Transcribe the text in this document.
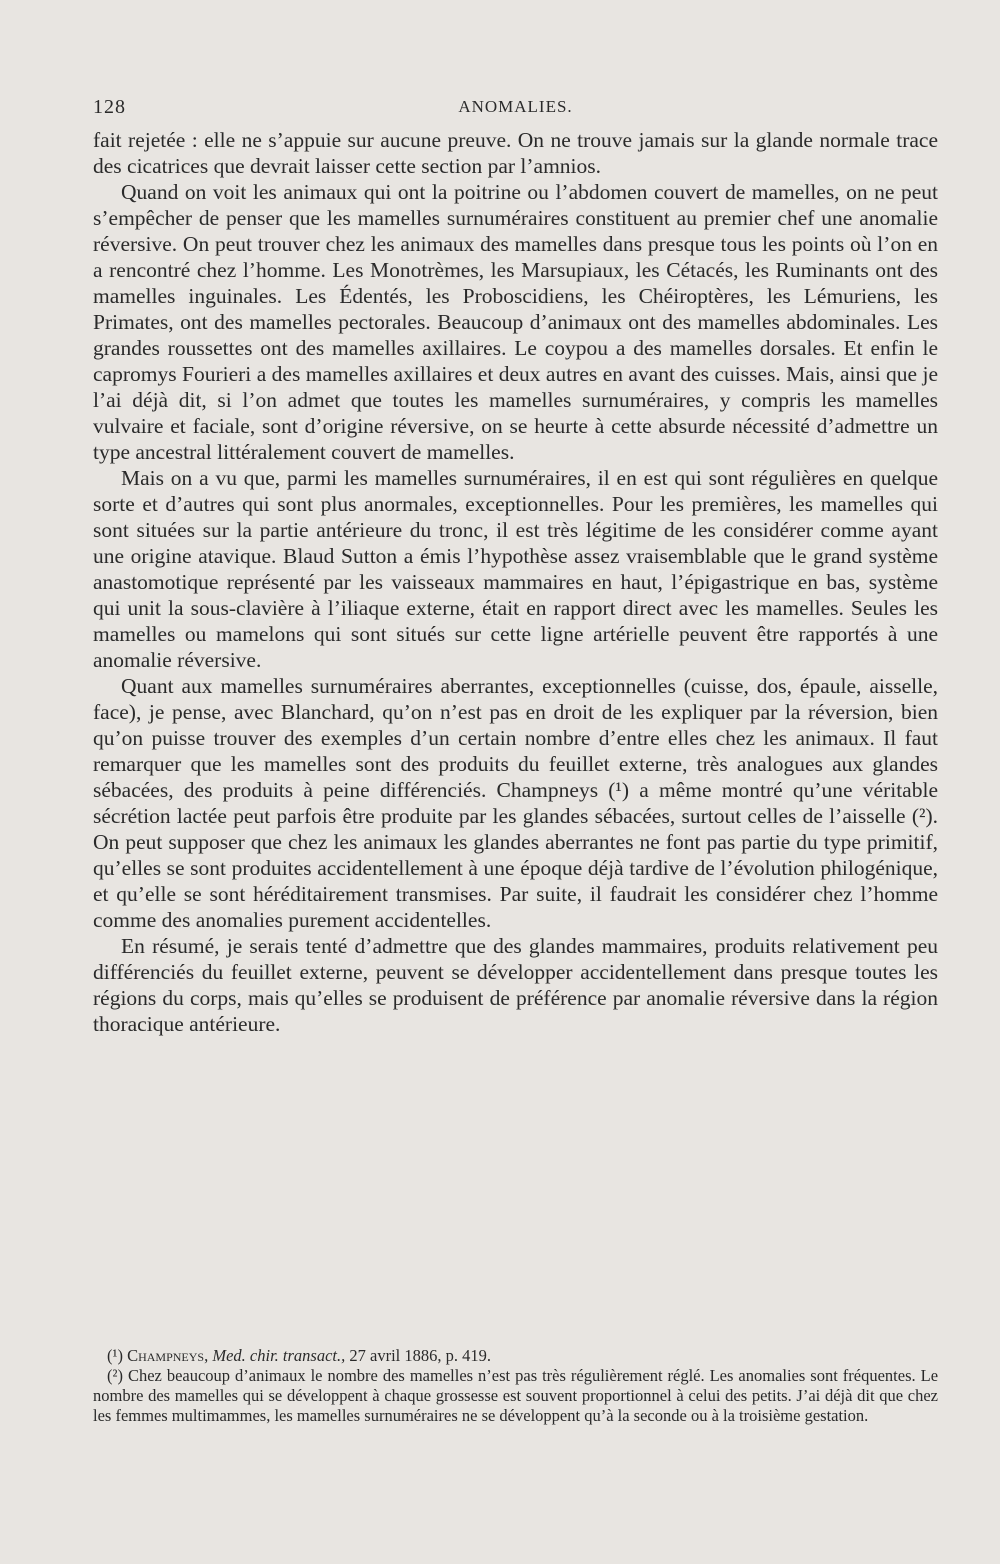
128	ANOMALIES.

fait rejetée : elle ne s’appuie sur aucune preuve. On ne trouve jamais sur la glande normale trace des cicatrices que devrait laisser cette section par l’amnios.

Quand on voit les animaux qui ont la poitrine ou l’abdomen couvert de mamelles, on ne peut s’empêcher de penser que les mamelles surnuméraires constituent au premier chef une anomalie réversive. On peut trouver chez les animaux des mamelles dans presque tous les points où l’on en a rencontré chez l’homme. Les Monotrèmes, les Marsupiaux, les Cétacés, les Ruminants ont des mamelles inguinales. Les Édentés, les Proboscidiens, les Chéiroptères, les Lémuriens, les Primates, ont des mamelles pectorales. Beaucoup d’animaux ont des mamelles abdominales. Les grandes roussettes ont des mamelles axillaires. Le coypou a des mamelles dorsales. Et enfin le capromys Fourieri a des mamelles axillaires et deux autres en avant des cuisses. Mais, ainsi que je l’ai déjà dit, si l’on admet que toutes les mamelles surnuméraires, y compris les mamelles vulvaire et faciale, sont d’origine réversive, on se heurte à cette absurde nécessité d’admettre un type ancestral littéralement couvert de mamelles.

Mais on a vu que, parmi les mamelles surnuméraires, il en est qui sont régulières en quelque sorte et d’autres qui sont plus anormales, exceptionnelles. Pour les premières, les mamelles qui sont situées sur la partie antérieure du tronc, il est très légitime de les considérer comme ayant une origine atavique. Blaud Sutton a émis l’hypothèse assez vraisemblable que le grand système anastomotique représenté par les vaisseaux mammaires en haut, l’épigastrique en bas, système qui unit la sous-clavière à l’iliaque externe, était en rapport direct avec les mamelles. Seules les mamelles ou mamelons qui sont situés sur cette ligne artérielle peuvent être rapportés à une anomalie réversive.

Quant aux mamelles surnuméraires aberrantes, exceptionnelles (cuisse, dos, épaule, aisselle, face), je pense, avec Blanchard, qu’on n’est pas en droit de les expliquer par la réversion, bien qu’on puisse trouver des exemples d’un certain nombre d’entre elles chez les animaux. Il faut remarquer que les mamelles sont des produits du feuillet externe, très analogues aux glandes sébacées, des produits à peine différenciés. Champneys (¹) a même montré qu’une véritable sécrétion lactée peut parfois être produite par les glandes sébacées, surtout celles de l’aisselle (²). On peut supposer que chez les animaux les glandes aberrantes ne font pas partie du type primitif, qu’elles se sont produites accidentellement à une époque déjà tardive de l’évolution philogénique, et qu’elle se sont héréditairement transmises. Par suite, il faudrait les considérer chez l’homme comme des anomalies purement accidentelles.

En résumé, je serais tenté d’admettre que des glandes mammaires, produits relativement peu différenciés du feuillet externe, peuvent se développer accidentellement dans presque toutes les régions du corps, mais qu’elles se produisent de préférence par anomalie réversive dans la région thoracique antérieure.

(¹) Champneys, Med. chir. transact., 27 avril 1886, p. 419.

(²) Chez beaucoup d’animaux le nombre des mamelles n’est pas très régulièrement réglé. Les anomalies sont fréquentes. Le nombre des mamelles qui se développent à chaque grossesse est souvent proportionnel à celui des petits. J’ai déjà dit que chez les femmes multimammes, les mamelles surnuméraires ne se développent qu’à la seconde ou à la troisième gestation.
